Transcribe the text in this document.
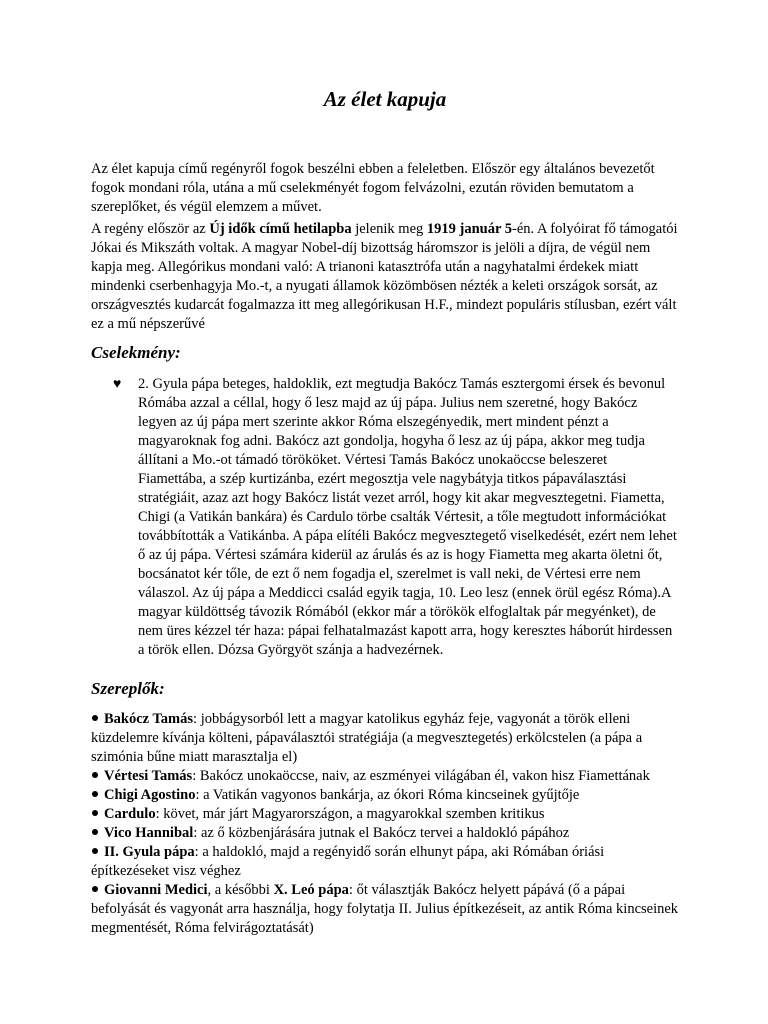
Az élet kapuja

Az élet kapuja című regényről fogok beszélni ebben a feleletben. Először egy általános bevezetőt fogok mondani róla, utána a mű cselekményét fogom felvázolni, ezután röviden bemutatom a szereplőket, és végül elemzem a művet.

A regény először az Új idők című hetilapba jelenik meg 1919 január 5-én. A folyóirat fő támogatói Jókai és Mikszáth voltak. A magyar Nobel-díj bizottság háromszor is jelöli a díjra, de végül nem kapja meg. Allegórikus mondani való: A trianoni katasztrófa után a nagyhatalmi érdekek miatt mindenki cserbenhagyja Mo.-t, a nyugati államok közömbösen nézték a keleti országok sorsát, az országvesztés kudarcát fogalmazza itt meg allegórikusan H.F., mindezt populáris stílusban, ezért vált ez a mű népszerűvé

Cselekmény:
♥ 2. Gyula pápa beteges, haldoklik, ezt megtudja Bakócz Tamás esztergomi érsek és bevonul Rómába azzal a céllal, hogy ő lesz majd az új pápa. Julius nem szeretné, hogy Bakócz legyen az új pápa mert szerinte akkor Róma elszegényedik, mert mindent pénzt a magyaroknak fog adni. Bakócz azt gondolja, hogyha ő lesz az új pápa, akkor meg tudja állítani a Mo.-ot támadó törököket. Vértesi Tamás Bakócz unokaöccse beleszeret Fiamettába, a szép kurtizánba, ezért megosztja vele nagybátyja titkos pápaválasztási stratégiáit, azaz azt hogy Bakócz listát vezet arról, hogy kit akar megvesztegetni. Fiametta, Chigi (a Vatikán bankára) és Cardulo törbe csalták Vértesit, a tőle megtudott információkat továbbították a Vatikánba. A pápa elítéli Bakócz megvesztegető viselkedését, ezért nem lehet ő az új pápa. Vértesi számára kiderül az árulás és az is hogy Fiametta meg akarta öletni őt, bocsánatot kér tőle, de ezt ő nem fogadja el, szerelmet is vall neki, de Vértesi erre nem válaszol. Az új pápa a Meddicci család egyik tagja, 10. Leo lesz (ennek örül egész Róma).A magyar küldöttség távozik Rómából (ekkor már a törökök elfoglaltak pár megyénket), de nem üres kézzel tér haza: pápai felhatalmazást kapott arra, hogy keresztes háborút hirdessen a török ellen. Dózsa Györgyöt szánja a hadvezérnek.

Szereplők:
Bakócz Tamás: jobbágysorból lett a magyar katolikus egyház feje, vagyonát a török elleni küzdelemre kívánja költeni, pápaválasztói stratégiája (a megvesztegetés) erkölcstelen (a pápa a szimónia bűne miatt marasztalja el)
Vértesi Tamás: Bakócz unokaöccse, naiv, az eszményei világában él, vakon hisz Fiamettának
Chigi Agostino: a Vatikán vagyonos bankárja, az ókori Róma kincseinek gyűjtője
Cardulo: követ, már járt Magyarországon, a magyarokkal szemben kritikus
Vico Hannibal: az ő közbenjárására jutnak el Bakócz tervei a haldokló pápához
II. Gyula pápa: a haldokló, majd a regényidő során elhunyt pápa, aki Rómában óriási építkezéseket visz véghez
Giovanni Medici, a későbbi X. Leó pápa: őt választják Bakócz helyett pápává (ő a pápai befolyását és vagyonát arra használja, hogy folytatja II. Julius építkezéseit, az antik Róma kincseinek megmentését, Róma felvirágoztatását)
